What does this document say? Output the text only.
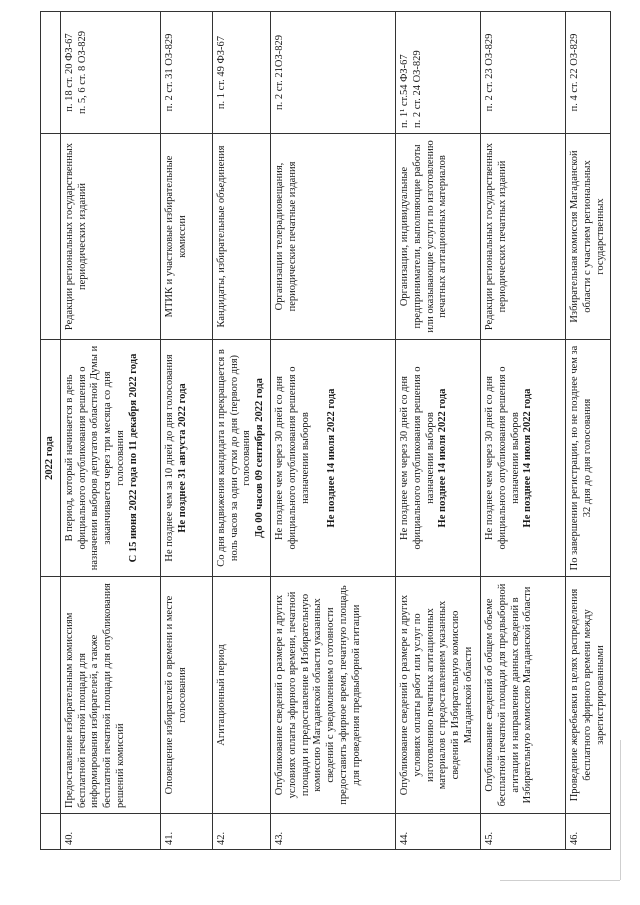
		2022 года		
40.	Предоставление избирательным комиссиям бесплатной печатной площади для информирования избирателей, а также бесплатной печатной площади для опубликования решений комиссий	В период, который начинается в день официального опубликования решения о назначении выборов депутатов областной Думы и заканчивается через три месяца со дня голосования С 15 июня 2022 года по 11 декабря 2022 года	Редакции региональных государственных периодических изданий	п. 18 ст. 20 ФЗ-67
п. 5, 6 ст. 8 ОЗ-829
41.	Оповещение избирателей о времени и месте голосования	Не позднее чем за 10 дней до дня голосования Не позднее 31 августа 2022 года	МТИК и участковые избирательные комиссии	п. 2 ст. 31 ОЗ-829
42.	Агитационный период	Со дня выдвижения кандидата и прекращается в ноль часов за одни сутки до дня (первого дня) голосования До 00 часов 09 сентября 2022 года	Кандидаты, избирательные объединения	п. 1 ст. 49 ФЗ-67
43.	Опубликование сведений о размере и других условиях оплаты эфирного времени, печатной площади и предоставление в Избирательную комиссию Магаданской области указанных сведений с уведомлением о готовности предоставить эфирное время, печатную площадь для проведения предвыборной агитации	Не позднее чем через 30 дней со дня официального опубликования решения о назначении выборов Не позднее 14 июля 2022 года	Организации телерадиовещания, периодические печатные издания	п. 2 ст. 21ОЗ-829
44.	Опубликование сведений о размере и других условиях оплаты работ или услуг по изготовлению печатных агитационных материалов с предоставлением указанных сведений в Избирательную комиссию Магаданской области	Не позднее чем через 30 дней со дня официального опубликования решения о назначении выборов Не позднее 14 июля 2022 года	Организации, индивидуальные предприниматели, выполняющие работы или оказывающие услуги по изготовлению печатных агитационных материалов	п. 1¹ ст.54 ФЗ-67
п. 2 ст. 24 ОЗ-829
45.	Опубликование сведений об общем объеме бесплатной печатной площади для предвыборной агитации и направление данных сведений в Избирательную комиссию Магаданской области	Не позднее чем через 30 дней со дня официального опубликования решения о назначении выборов Не позднее 14 июля 2022 года	Редакции региональных государственных периодических печатных изданий	п. 2 ст. 23 ОЗ-829
46.	Проведение жеребьевки в целях распределения бесплатного эфирного времени между зарегистрированными	По завершении регистрации, но не позднее чем за 32 дня до дня голосования	Избирательная комиссия Магаданской области с участием региональных государственных	п. 4 ст. 22 ОЗ-829
